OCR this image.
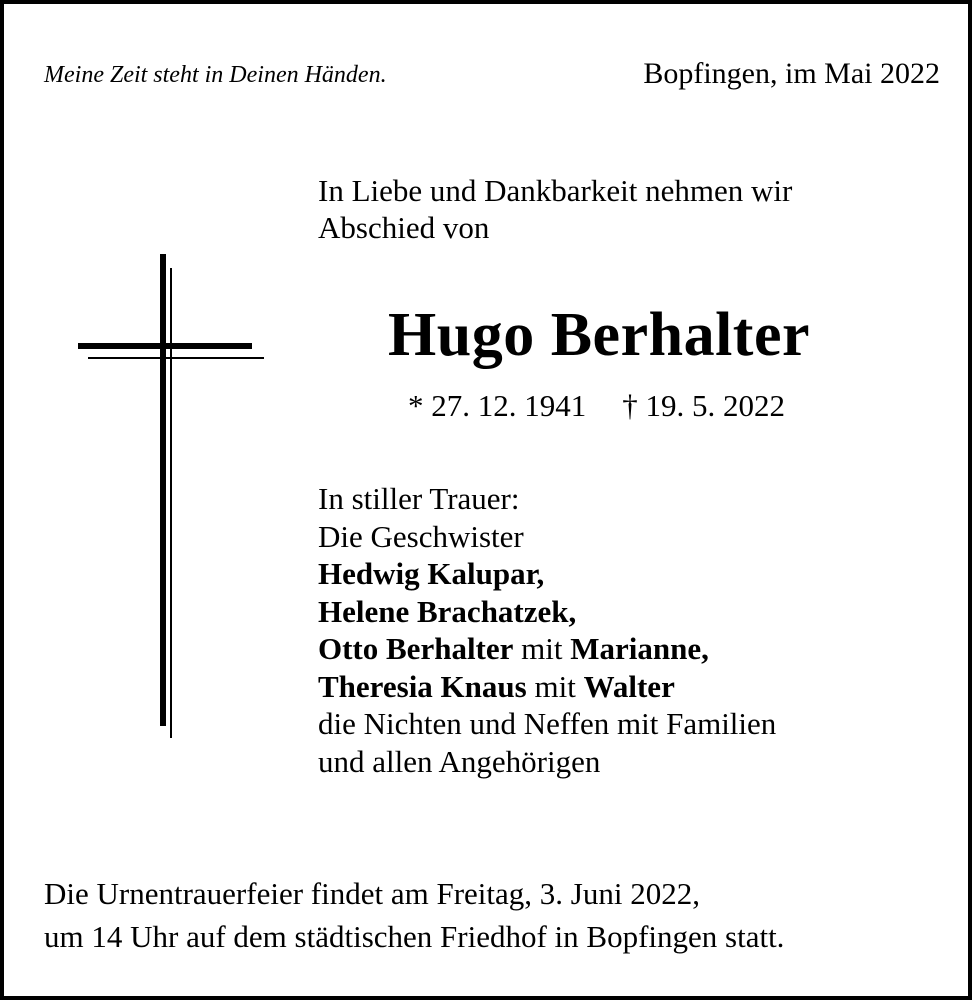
Meine Zeit steht in Deinen Händen.	Bopfingen, im Mai 2022
In Liebe und Dankbarkeit nehmen wir
Abschied von
Hugo Berhalter
* 27. 12. 1941 † 19. 5. 2022
In stiller Trauer:
Die Geschwister
Hedwig Kalupar,
Helene Brachatzek,
Otto Berhalter mit Marianne,
Theresia Knaus mit Walter
die Nichten und Neffen mit Familien
und allen Angehörigen
Die Urnentrauerfeier findet am Freitag, 3. Juni 2022,
um 14 Uhr auf dem städtischen Friedhof in Bopfingen statt.
